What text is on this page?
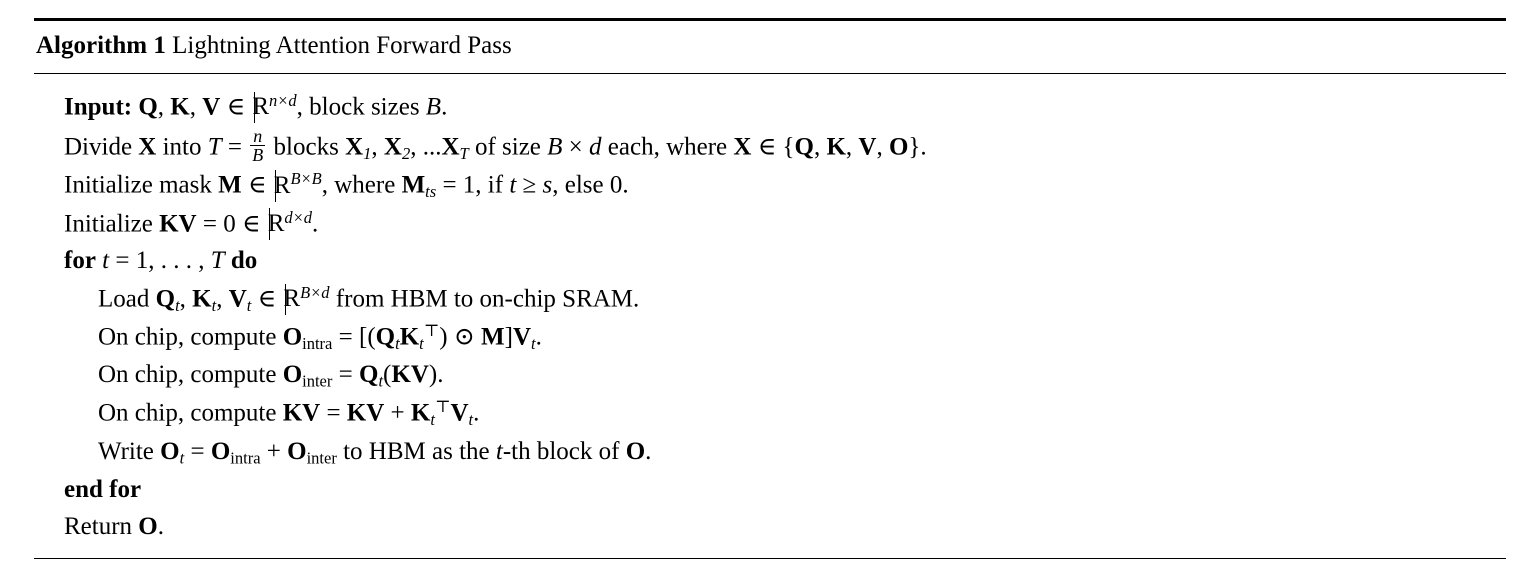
Algorithm 1 Lightning Attention Forward Pass
Input: Q, K, V ∈ $R^{n\times d}$, block sizes B.
Divide X into $T = \frac{n}{B}$ blocks $X_1$, $X_2$, $...X_T$ of size B × d each, where X ∈ {Q, K, V, O}.
Initialize mask M ∈ $R^{B\times B}$, where $M_{ts} = 1$, if t ≥ s, else 0.
Initialize KV = 0 ∈ $R^{d\times d}$.
for t = 1, . . . , T do
Load $Q_t$, $K_t$, $V_t$ ∈ $R^{B\times d}$ from HBM to on-chip SRAM.
On chip, compute $O_{intra} = [(Q_tK_t^⊤)$ ⊙ $M]V_t$.
On chip, compute $O_{inter} = Q_t(KV)$.
On chip, compute KV = KV + $K_t^⊤V_t$.
Write $O_t = O_{intra} + O_{inter}$ to HBM as the t-th block of O.
end for
Return O.
